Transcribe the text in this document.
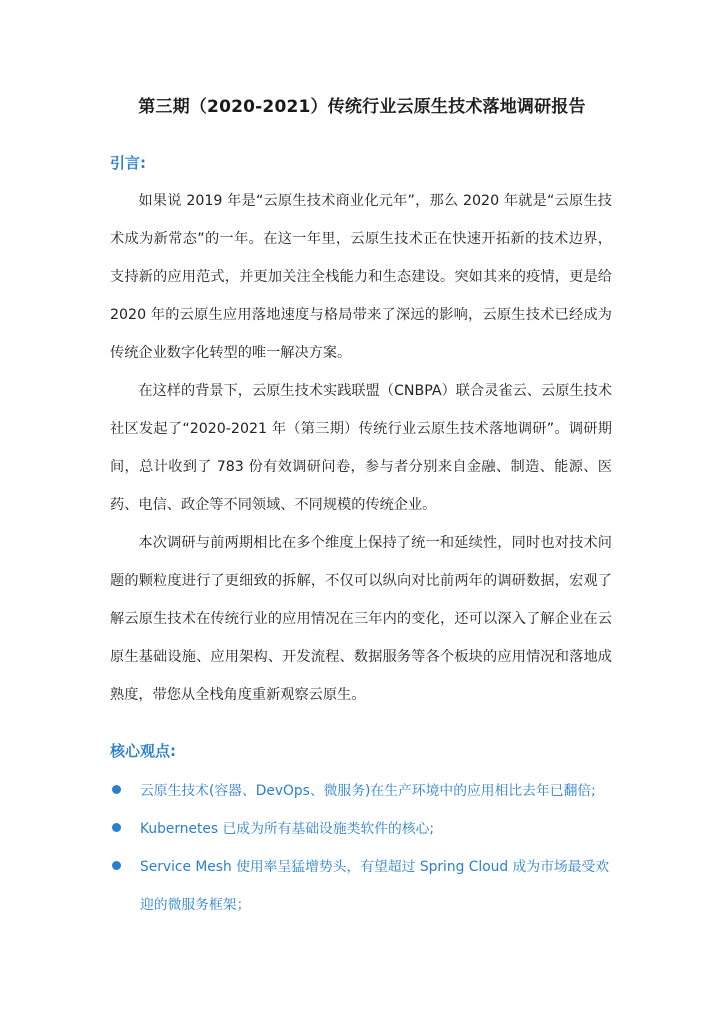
第三期（2020-2021）传统行业云原生技术落地调研报告
引言:

如果说 2019 年是“云原生技术商业化元年”，那么 2020 年就是“云原生技术成为新常态”的一年。在这一年里，云原生技术正在快速开拓新的技术边界，支持新的应用范式，并更加关注全栈能力和生态建设。突如其来的疫情，更是给 2020 年的云原生应用落地速度与格局带来了深远的影响，云原生技术已经成为传统企业数字化转型的唯一解决方案。

在这样的背景下，云原生技术实践联盟（CNBPA）联合灵雀云、云原生技术社区发起了“2020-2021 年（第三期）传统行业云原生技术落地调研”。调研期间，总计收到了 783 份有效调研问卷，参与者分别来自金融、制造、能源、医药、电信、政企等不同领域、不同规模的传统企业。

本次调研与前两期相比在多个维度上保持了统一和延续性，同时也对技术问题的颗粒度进行了更细致的拆解，不仅可以纵向对比前两年的调研数据，宏观了解云原生技术在传统行业的应用情况在三年内的变化，还可以深入了解企业在云原生基础设施、应用架构、开发流程、数据服务等各个板块的应用情况和落地成熟度，带您从全栈角度重新观察云原生。

核心观点:
云原生技术(容器、DevOps、微服务)在生产环境中的应用相比去年已翻倍;
Kubernetes 已成为所有基础设施类软件的核心;
Service Mesh 使用率呈猛增势头，有望超过 Spring Cloud 成为市场最受欢迎的微服务框架；
